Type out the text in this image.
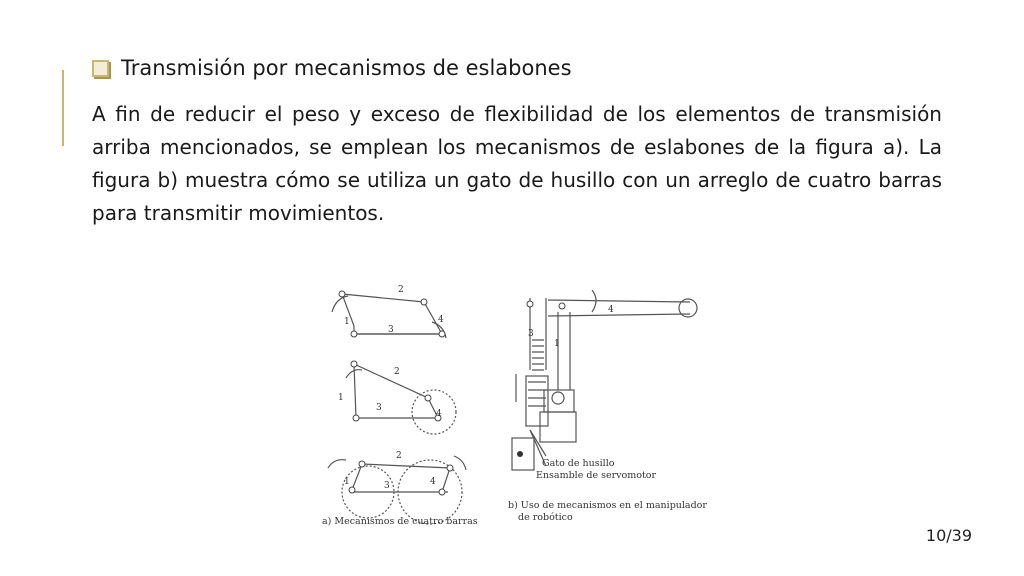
Transmisión por mecanismos de eslabones
A fin de reducir el peso y exceso de flexibilidad de los elementos de transmisión arriba mencionados, se emplean los mecanismos de eslabones de la figura a). La figura b) muestra cómo se utiliza un gato de husillo con un arreglo de cuatro barras para transmitir movimientos.
2
1
3
4
2
1
3
4
2
1	3	4
a) Mecanismos de cuatro barras
4
3
1
Gato de husillo
Ensamble de servomotor
b) Uso de mecanismos en el manipulador
de robótico
10/39
